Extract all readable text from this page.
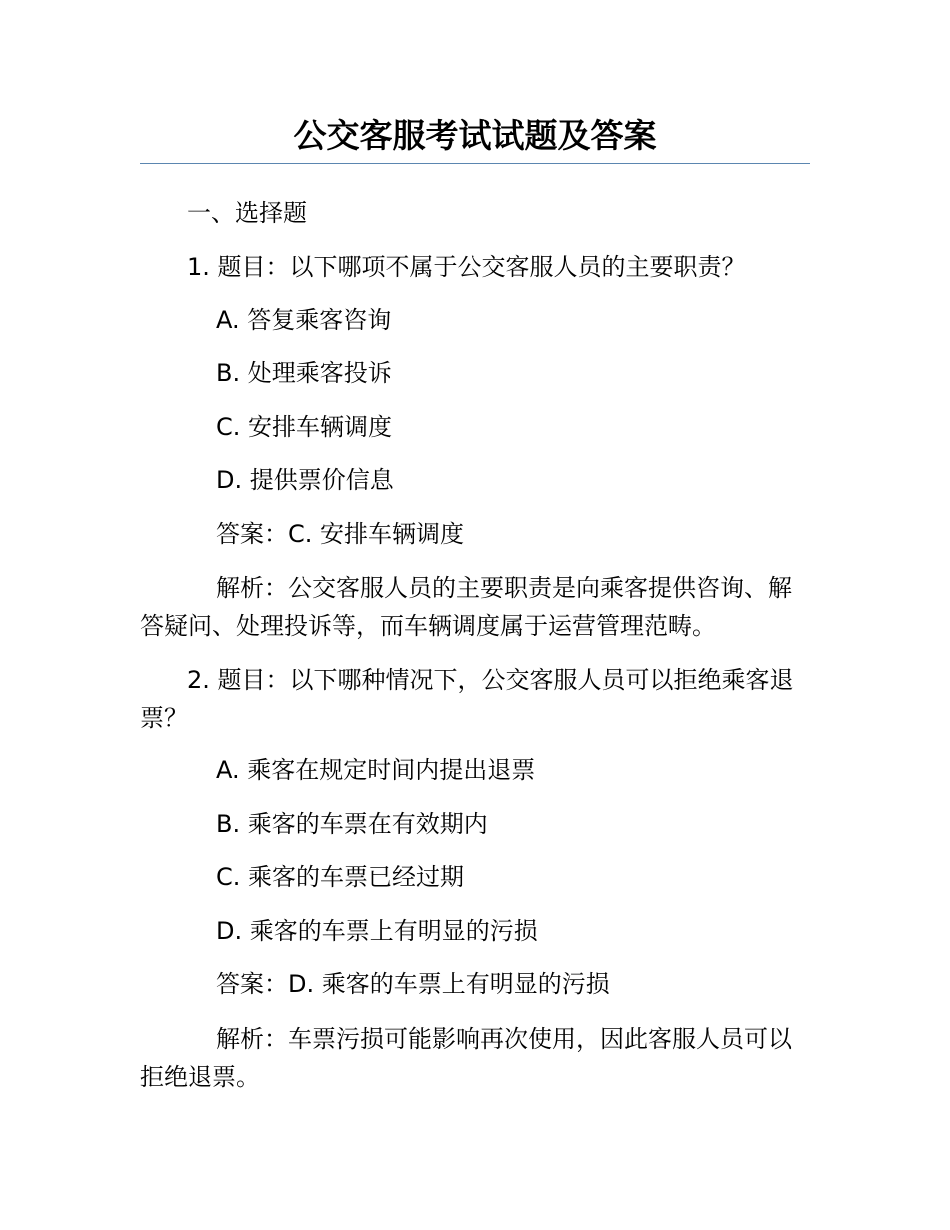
公交客服考试试题及答案
一、选择题
1. 题目：以下哪项不属于公交客服人员的主要职责？
A. 答复乘客咨询
B. 处理乘客投诉
C. 安排车辆调度
D. 提供票价信息
答案：C. 安排车辆调度
解析：公交客服人员的主要职责是向乘客提供咨询、解答疑问、处理投诉等，而车辆调度属于运营管理范畴。
2. 题目：以下哪种情况下，公交客服人员可以拒绝乘客退票？
A. 乘客在规定时间内提出退票
B. 乘客的车票在有效期内
C. 乘客的车票已经过期
D. 乘客的车票上有明显的污损
答案：D. 乘客的车票上有明显的污损
解析：车票污损可能影响再次使用，因此客服人员可以拒绝退票。
